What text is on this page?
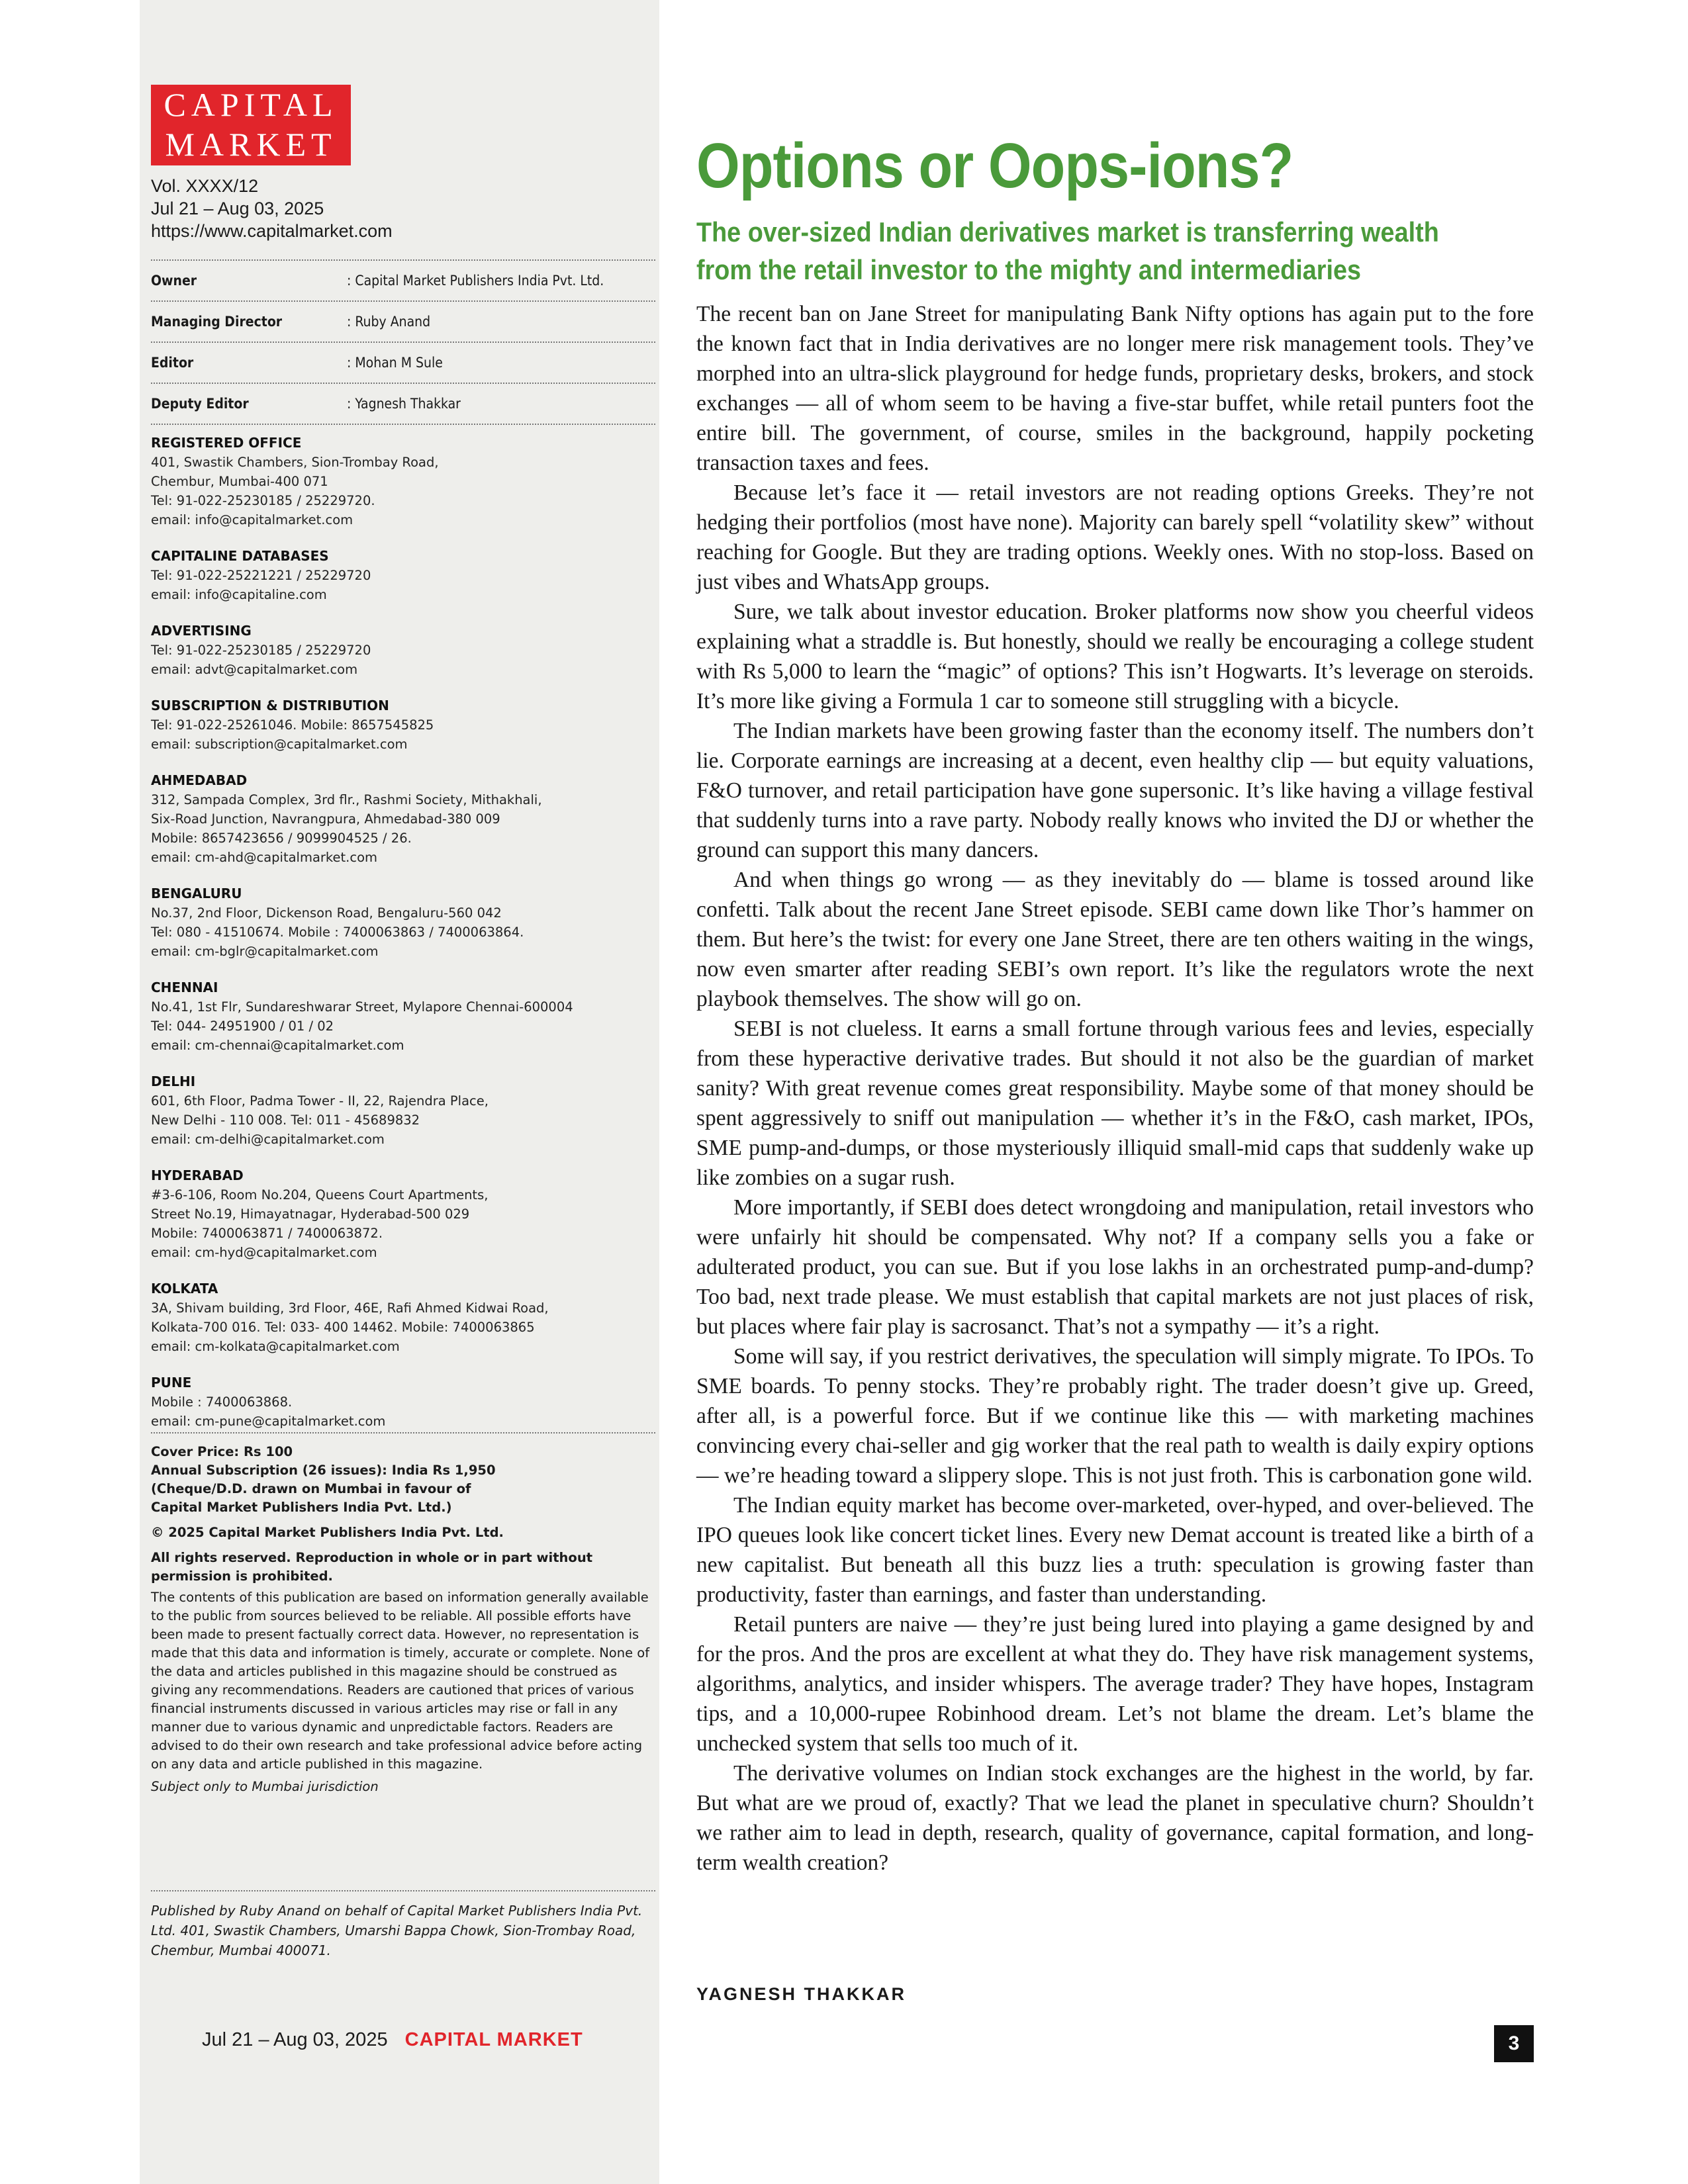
CAPITAL
MARKET
Vol. XXXX/12
Jul 21 – Aug 03, 2025
https://www.capitalmarket.com
Owner	: Capital Market Publishers India Pvt. Ltd.
Managing Director	: Ruby Anand
Editor	: Mohan M Sule
Deputy Editor	: Yagnesh Thakkar
REGISTERED OFFICE
401, Swastik Chambers, Sion-Trombay Road,
Chembur, Mumbai-400 071
Tel: 91-022-25230185 / 25229720.
email: info@capitalmarket.com
CAPITALINE DATABASES
Tel: 91-022-25221221 / 25229720
email: info@capitaline.com
ADVERTISING
Tel: 91-022-25230185 / 25229720
email: advt@capitalmarket.com
SUBSCRIPTION & DISTRIBUTION
Tel: 91-022-25261046. Mobile: 8657545825
email: subscription@capitalmarket.com
AHMEDABAD
312, Sampada Complex, 3rd flr., Rashmi Society, Mithakhali,
Six-Road Junction, Navrangpura, Ahmedabad-380 009
Mobile: 8657423656 / 9099904525 / 26.
email: cm-ahd@capitalmarket.com
BENGALURU
No.37, 2nd Floor, Dickenson Road, Bengaluru-560 042
Tel: 080 - 41510674. Mobile : 7400063863 / 7400063864.
email: cm-bglr@capitalmarket.com
CHENNAI
No.41, 1st Flr, Sundareshwarar Street, Mylapore Chennai-600004
Tel: 044- 24951900 / 01 / 02
email: cm-chennai@capitalmarket.com
DELHI
601, 6th Floor, Padma Tower - II, 22, Rajendra Place,
New Delhi - 110 008. Tel: 011 - 45689832
email: cm-delhi@capitalmarket.com
HYDERABAD
#3-6-106, Room No.204, Queens Court Apartments,
Street No.19, Himayatnagar, Hyderabad-500 029
Mobile: 7400063871 / 7400063872.
email: cm-hyd@capitalmarket.com
KOLKATA
3A, Shivam building, 3rd Floor, 46E, Rafi Ahmed Kidwai Road,
Kolkata-700 016. Tel: 033- 400 14462. Mobile: 7400063865
email: cm-kolkata@capitalmarket.com
PUNE
Mobile : 7400063868.
email: cm-pune@capitalmarket.com
Cover Price: Rs 100
Annual Subscription (26 issues): India Rs 1,950
(Cheque/D.D. drawn on Mumbai in favour of
Capital Market Publishers India Pvt. Ltd.)
© 2025 Capital Market Publishers India Pvt. Ltd.
All rights reserved. Reproduction in whole or in part without permission is prohibited.
The contents of this publication are based on information generally available to the public from sources believed to be reliable. All possible efforts have been made to present factually correct data. However, no representation is made that this data and information is timely, accurate or complete. None of the data and articles published in this magazine should be construed as giving any recommendations. Readers are cautioned that prices of various financial instruments discussed in various articles may rise or fall in any manner due to various dynamic and unpredictable factors. Readers are advised to do their own research and take professional advice before acting on any data and article published in this magazine.
Subject only to Mumbai jurisdiction
Published by Ruby Anand on behalf of Capital Market Publishers India Pvt. Ltd. 401, Swastik Chambers, Umarshi Bappa Chowk, Sion-Trombay Road, Chembur, Mumbai 400071.
Jul 21 – Aug 03, 2025 CAPITAL MARKET
Options or Oops-ions?
The over-sized Indian derivatives market is transferring wealth from the retail investor to the mighty and intermediaries

The recent ban on Jane Street for manipulating Bank Nifty options has again put to the fore the known fact that in India derivatives are no longer mere risk management tools. They’ve morphed into an ultra-slick playground for hedge funds, proprietary desks, brokers, and stock exchanges — all of whom seem to be having a five-star buffet, while retail punters foot the entire bill. The government, of course, smiles in the background, happily pocketing transaction taxes and fees.

Because let’s face it — retail investors are not reading options Greeks. They’re not hedging their portfolios (most have none). Majority can barely spell “volatility skew” without reaching for Google. But they are trading options. Weekly ones. With no stop-loss. Based on just vibes and WhatsApp groups.

Sure, we talk about investor education. Broker platforms now show you cheerful videos explaining what a straddle is. But honestly, should we really be encouraging a college student with Rs 5,000 to learn the “magic” of options? This isn’t Hogwarts. It’s leverage on steroids. It’s more like giving a Formula 1 car to someone still struggling with a bicycle.

The Indian markets have been growing faster than the economy itself. The numbers don’t lie. Corporate earnings are increasing at a decent, even healthy clip — but equity valuations, F&O turnover, and retail participation have gone supersonic. It’s like having a village festival that suddenly turns into a rave party. Nobody really knows who invited the DJ or whether the ground can support this many dancers.

And when things go wrong — as they inevitably do — blame is tossed around like confetti. Talk about the recent Jane Street episode. SEBI came down like Thor’s hammer on them. But here’s the twist: for every one Jane Street, there are ten others waiting in the wings, now even smarter after reading SEBI’s own report. It’s like the regulators wrote the next playbook themselves. The show will go on.

SEBI is not clueless. It earns a small fortune through various fees and levies, especially from these hyperactive derivative trades. But should it not also be the guardian of market sanity? With great revenue comes great responsibility. Maybe some of that money should be spent aggressively to sniff out manipulation — whether it’s in the F&O, cash market, IPOs, SME pump-and-dumps, or those mysteriously illiquid small-mid caps that suddenly wake up like zombies on a sugar rush.

More importantly, if SEBI does detect wrongdoing and manipulation, retail investors who were unfairly hit should be compensated. Why not? If a company sells you a fake or adulterated product, you can sue. But if you lose lakhs in an orchestrated pump-and-dump? Too bad, next trade please. We must establish that capital markets are not just places of risk, but places where fair play is sacrosanct. That’s not a sympathy — it’s a right.

Some will say, if you restrict derivatives, the speculation will simply migrate. To IPOs. To SME boards. To penny stocks. They’re probably right. The trader doesn’t give up. Greed, after all, is a powerful force. But if we continue like this — with marketing machines convincing every chai-seller and gig worker that the real path to wealth is daily expiry options — we’re heading toward a slippery slope. This is not just froth. This is carbonation gone wild.

The Indian equity market has become over-marketed, over-hyped, and over-believed. The IPO queues look like concert ticket lines. Every new Demat account is treated like a birth of a new capitalist. But beneath all this buzz lies a truth: speculation is growing faster than productivity, faster than earnings, and faster than understanding.

Retail punters are naive — they’re just being lured into playing a game designed by and for the pros. And the pros are excellent at what they do. They have risk management systems, algorithms, analytics, and insider whispers. The average trader? They have hopes, Instagram tips, and a 10,000-rupee Robinhood dream. Let’s not blame the dream. Let’s blame the unchecked system that sells too much of it.

The derivative volumes on Indian stock exchanges are the highest in the world, by far. But what are we proud of, exactly? That we lead the planet in speculative churn? Shouldn’t we rather aim to lead in depth, research, quality of governance, capital formation, and long-term wealth creation?

YAGNESH THAKKAR
3
